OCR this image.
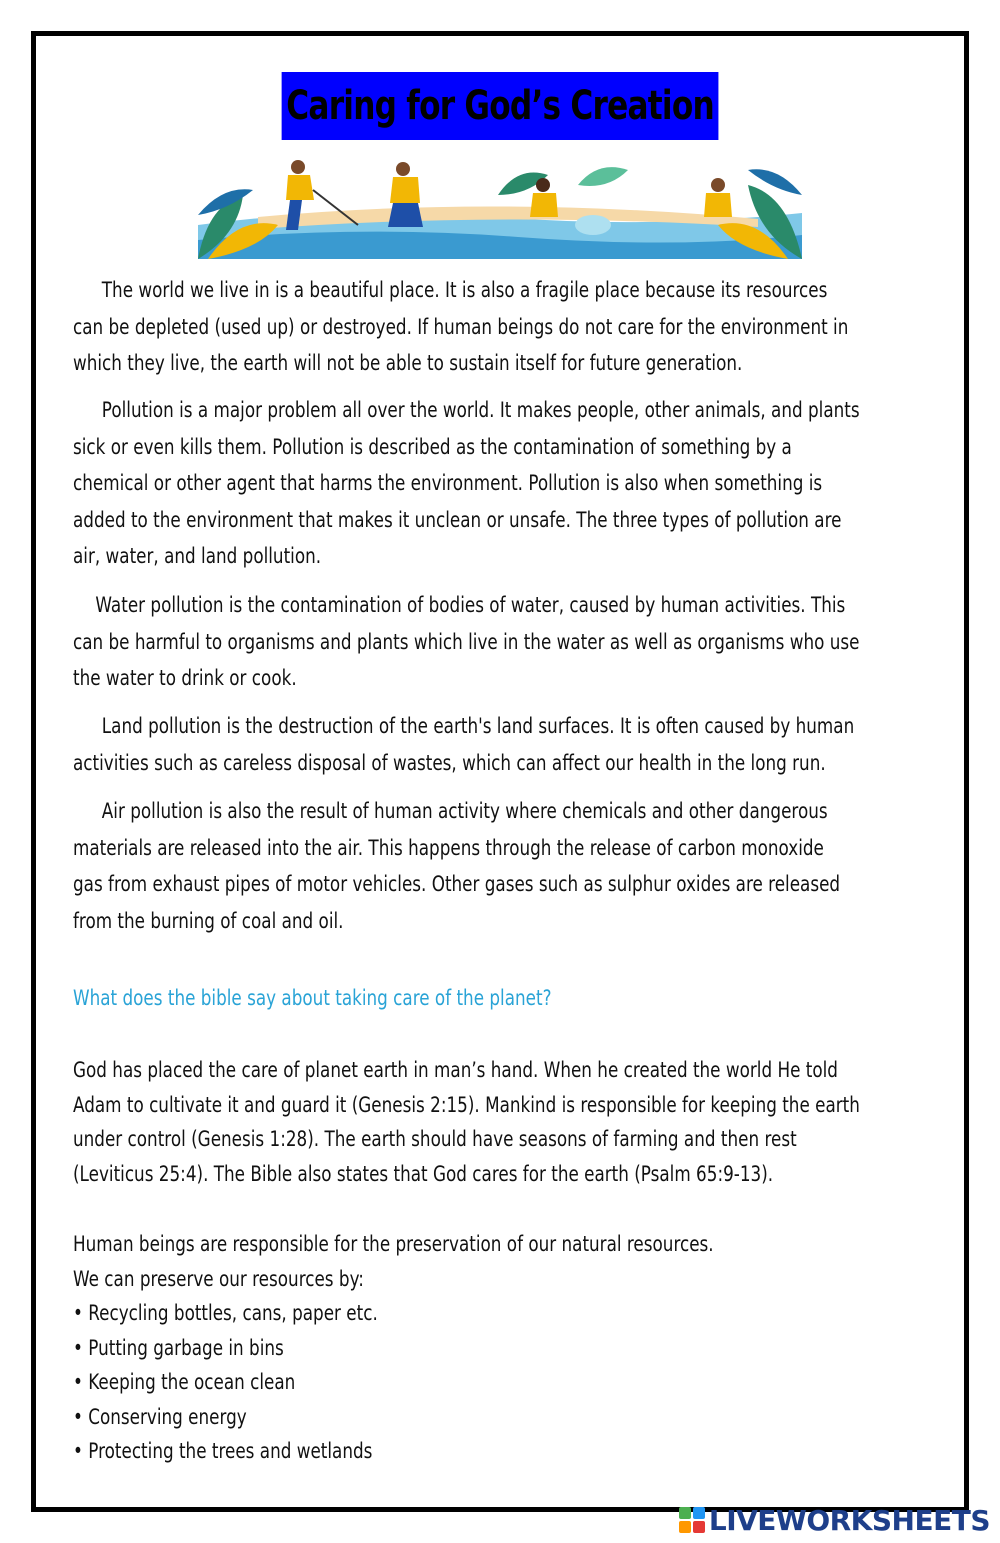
Caring for God’s Creation
The world we live in is a beautiful place. It is also a fragile place because its resources
can be depleted (used up) or destroyed. If human beings do not care for the environment in
which they live, the earth will not be able to sustain itself for future generation.
Pollution is a major problem all over the world. It makes people, other animals, and plants
sick or even kills them. Pollution is described as the contamination of something by a
chemical or other agent that harms the environment. Pollution is also when something is
added to the environment that makes it unclean or unsafe. The three types of pollution are
air, water, and land pollution.
Water pollution is the contamination of bodies of water, caused by human activities. This
can be harmful to organisms and plants which live in the water as well as organisms who use
the water to drink or cook.
Land pollution is the destruction of the earth's land surfaces. It is often caused by human
activities such as careless disposal of wastes, which can affect our health in the long run.
Air pollution is also the result of human activity where chemicals and other dangerous
materials are released into the air. This happens through the release of carbon monoxide
gas from exhaust pipes of motor vehicles. Other gases such as sulphur oxides are released
from the burning of coal and oil.
What does the bible say about taking care of the planet?
God has placed the care of planet earth in man’s hand. When he created the world He told
Adam to cultivate it and guard it (Genesis 2:15). Mankind is responsible for keeping the earth
under control (Genesis 1:28). The earth should have seasons of farming and then rest
(Leviticus 25:4). The Bible also states that God cares for the earth (Psalm 65:9-13).
Human beings are responsible for the preservation of our natural resources.
We can preserve our resources by:
• Recycling bottles, cans, paper etc.
• Putting garbage in bins
• Keeping the ocean clean
• Conserving energy
• Protecting the trees and wetlands
LIVEWORKSHEETS
